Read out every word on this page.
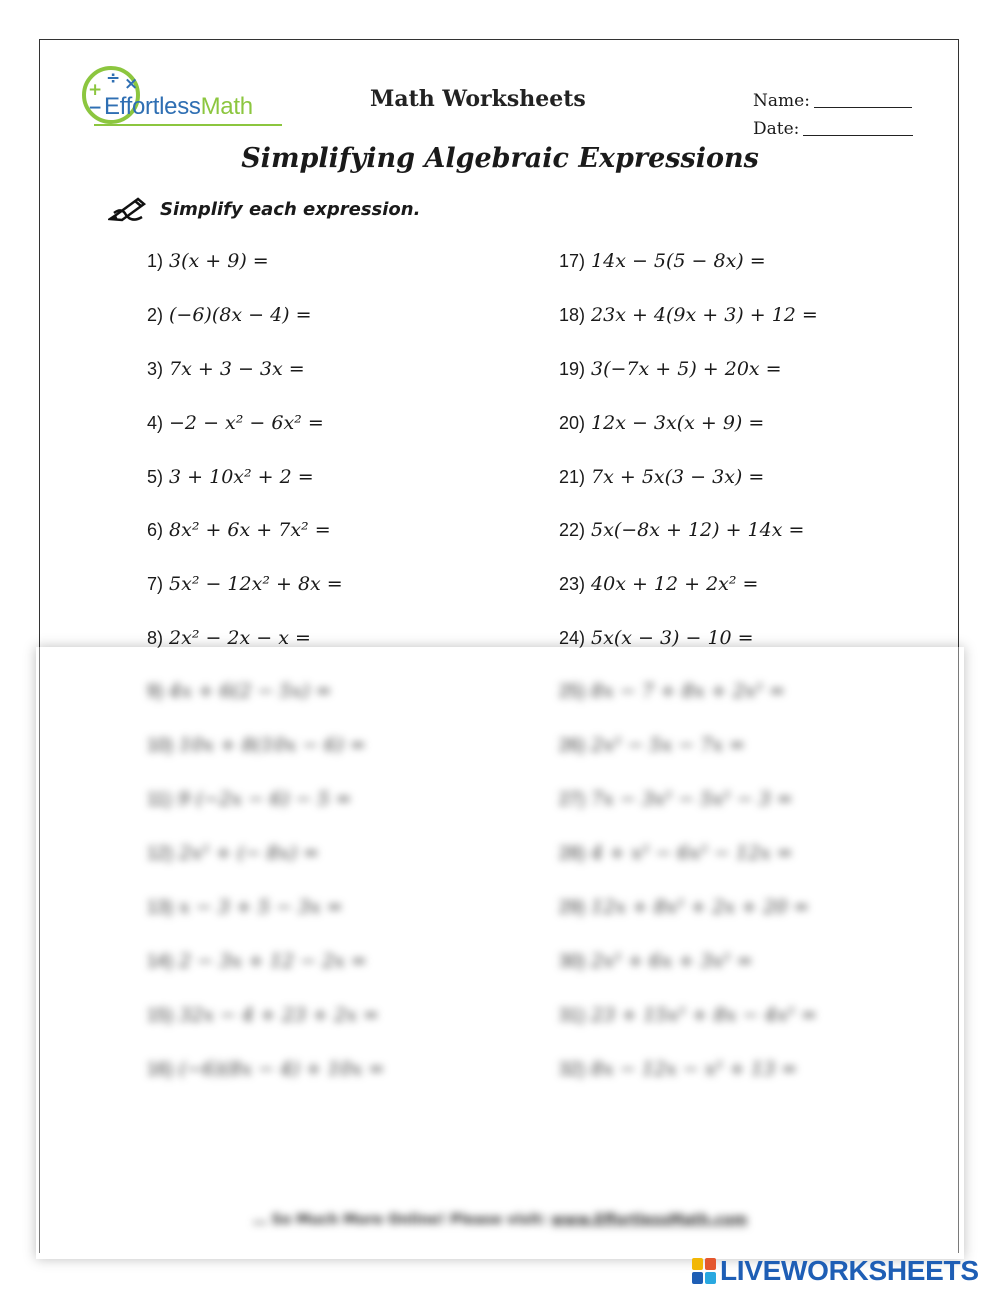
+
÷ ×
− EffortlessMath	Math Worksheets	Name:
Date:
Simplifying Algebraic Expressions
Simplify each expression.
1) 3(x + 9) =
2) (−6)(8x − 4) =
3) 7x + 3 − 3x =
4) −2 − x² − 6x² =
5) 3 + 10x² + 2 =
6) 8x² + 6x + 7x² =
7) 5x² − 12x² + 8x =
8) 2x² − 2x − x =
17) 14x − 5(5 − 8x) =
18) 23x + 4(9x + 3) + 12 =
19) 3(−7x + 5) + 20x =
20) 12x − 3x(x + 9) =
21) 7x + 5x(3 − 3x) =
22) 5x(−8x + 12) + 14x =
23) 40x + 12 + 2x² =
24) 5x(x − 3) − 10 =
9) 4x + 6(2 − 5x) =
10) 10x + 8(10x − 6) =
11) 9 (−2x − 6) − 5 =
12) 2x² + (− 8x) =
13) x − 3 + 5 − 3x =
14) 2 − 3x + 12 − 2x =
15) 32x − 4 + 23 + 2x =
16) (−6)(8x − 4) + 10x =
25) 8x − 7 + 8x + 2x² =
26) 2x² − 5x − 7x =
27) 7x − 3x² − 5x² − 3 =
28) 4 + x² − 6x² − 12x =
29) 12x + 8x² + 2x + 20 =
30) 2x² + 6x + 3x² =
31) 23 + 15x² + 8x − 4x² =
32) 8x − 12x − x² + 13 =
… So Much More Online! Please visit: www.EffortlessMath.com
LIVEWORKSHEETS
